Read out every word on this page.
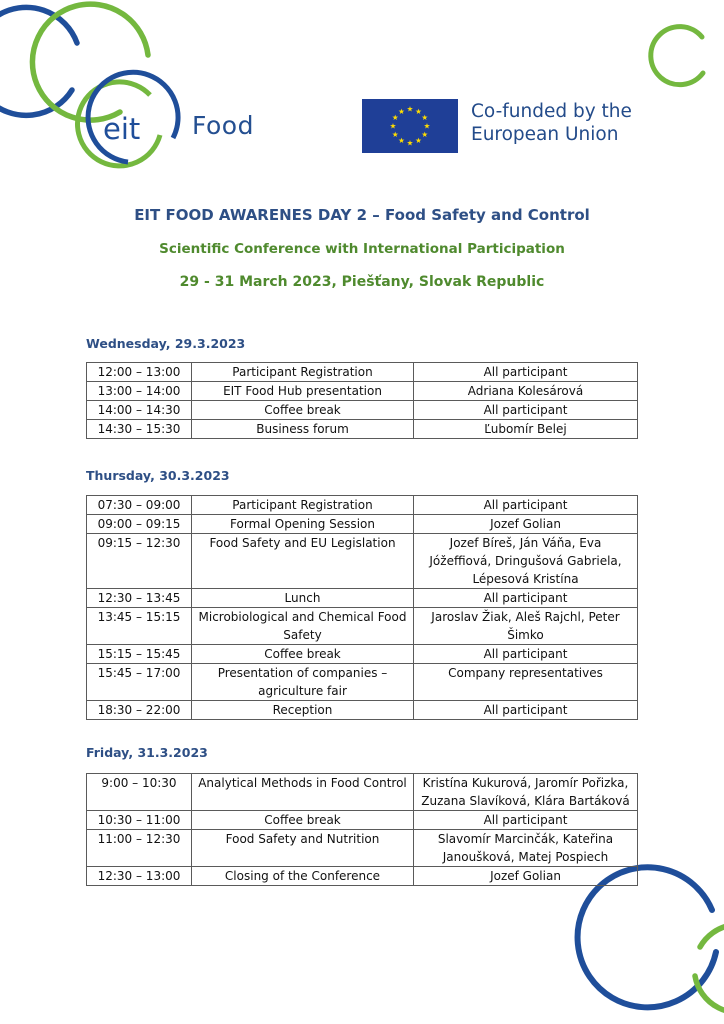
eit Food
★ ★
★
★
★
★
★
★
★
★
★
★	Co-funded by the
European Union
EIT FOOD AWARENES DAY 2 – Food Safety and Control
Scientific Conference with International Participation
29 - 31 March 2023, Piešťany, Slovak Republic
Wednesday, 29.3.2023
12:00 – 13:00	Participant Registration	All participant
13:00 – 14:00	EIT Food Hub presentation	Adriana Kolesárová
14:00 – 14:30	Coffee break	All participant
14:30 – 15:30	Business forum	Ľubomír Belej
Thursday, 30.3.2023
07:30 – 09:00	Participant Registration	All participant
09:00 – 09:15	Formal Opening Session	Jozef Golian
09:15 – 12:30	Food Safety and EU Legislation	Jozef Bíreš, Ján Váňa, Eva Jóžeffiová, Dringušová Gabriela, Lépesová Kristína
12:30 – 13:45	Lunch	All participant
13:45 – 15:15	Microbiological and Chemical Food Safety	Jaroslav Žiak, Aleš Rajchl, Peter Šimko
15:15 – 15:45	Coffee break	All participant
15:45 – 17:00	Presentation of companies – agriculture fair	Company representatives
18:30 – 22:00	Reception	All participant
Friday, 31.3.2023
9:00 – 10:30	Analytical Methods in Food Control	Kristína Kukurová, Jaromír Pořizka, Zuzana Slavíková, Klára Bartáková
10:30 – 11:00	Coffee break	All participant
11:00 – 12:30	Food Safety and Nutrition	Slavomír Marcinčák, Kateřina Janoušková, Matej Pospiech
12:30 – 13:00	Closing of the Conference	Jozef Golian
